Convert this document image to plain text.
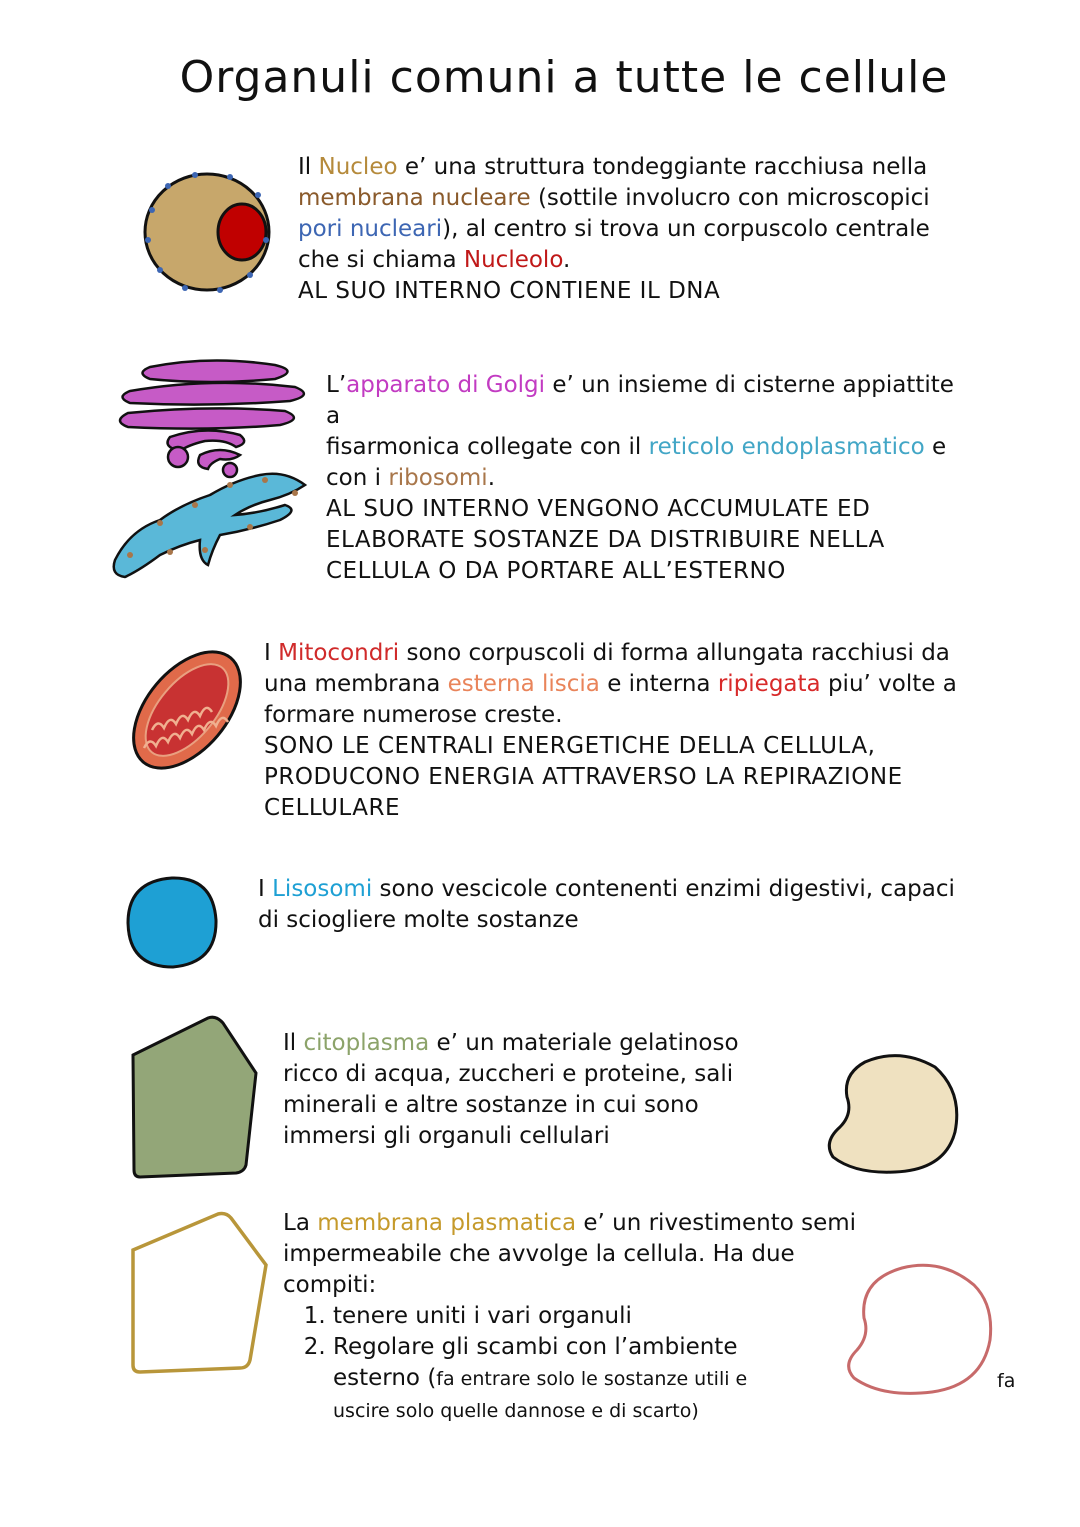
Organuli comuni a tutte le cellule

Il Nucleo e’ una struttura tondeggiante racchiusa nella

membrana nucleare (sottile involucro con microscopici

pori nucleari), al centro si trova un corpuscolo centrale

che si chiama Nucleolo.

AL SUO INTERNO CONTIENE IL DNA

L’apparato di Golgi e’ un insieme di cisterne appiattite

a

fisarmonica collegate con il reticolo endoplasmatico e

con i ribosomi.

AL SUO INTERNO VENGONO ACCUMULATE ED

ELABORATE SOSTANZE DA DISTRIBUIRE NELLA

CELLULA O DA PORTARE ALL’ESTERNO

I Mitocondri sono corpuscoli di forma allungata racchiusi da

una membrana esterna liscia e interna ripiegata piu’ volte a

formare numerose creste.

SONO LE CENTRALI ENERGETICHE DELLA CELLULA,

PRODUCONO ENERGIA ATTRAVERSO LA REPIRAZIONE

CELLULARE

I Lisosomi sono vescicole contenenti enzimi digestivi, capaci

di sciogliere molte sostanze

Il citoplasma e’ un materiale gelatinoso

ricco di acqua, zuccheri e proteine, sali

minerali e altre sostanze in cui sono

immersi gli organuli cellulari

La membrana plasmatica e’ un rivestimento semi

impermeabile che avvolge la cellula. Ha due

compiti:

1. tenere uniti i vari organuli
2. Regolare gli scambi con l’ambiente
esterno (fa entrare solo le sostanze utili e
uscire solo quelle dannose e di scarto)
fa
